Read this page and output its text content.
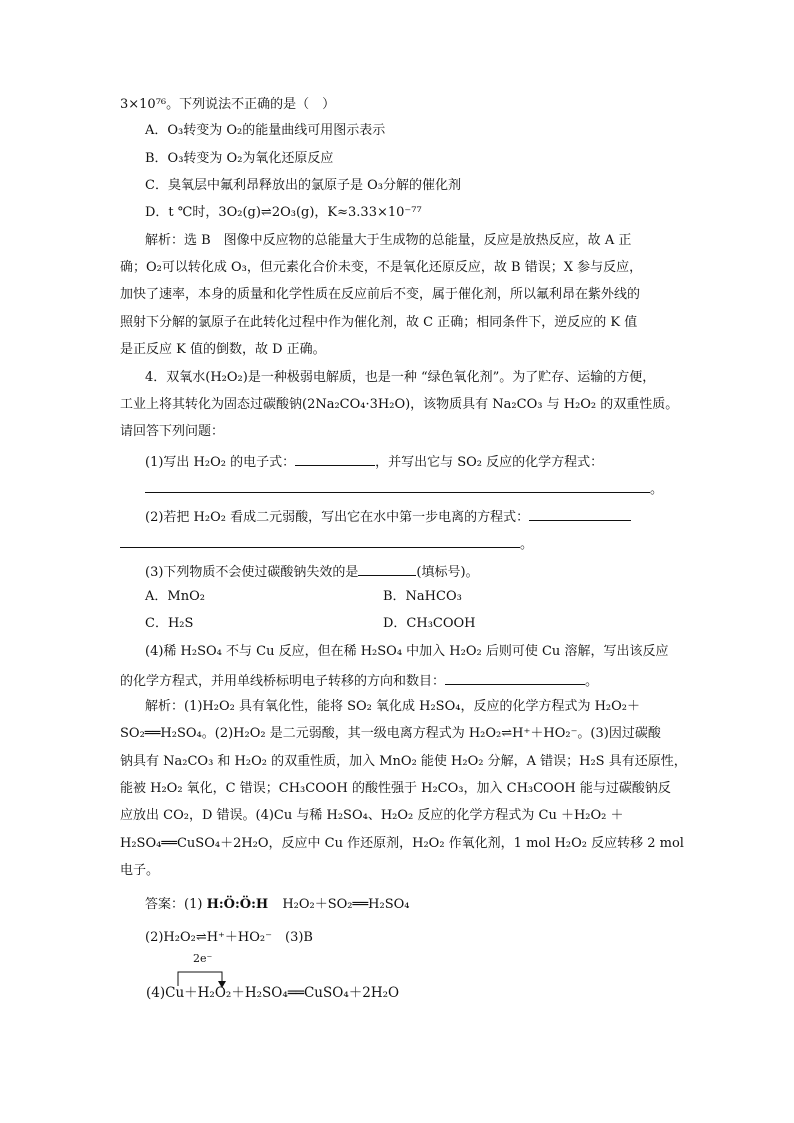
3×10⁷⁶。下列说法不正确的是（　）
A．O₃转变为 O₂的能量曲线可用图示表示
B．O₃转变为 O₂为氧化还原反应
C．臭氧层中氟利昂释放出的氯原子是 O₃分解的催化剂
D．t ℃时，3O₂(g)⇌2O₃(g)，K≈3.33×10⁻⁷⁷
解析：选 B　图像中反应物的总能量大于生成物的总能量，反应是放热反应，故 A 正
确；O₂可以转化成 O₃，但元素化合价未变，不是氧化还原反应，故 B 错误；X 参与反应，
加快了速率，本身的质量和化学性质在反应前后不变，属于催化剂，所以氟利昂在紫外线的
照射下分解的氯原子在此转化过程中作为催化剂，故 C 正确；相同条件下，逆反应的 K 值
是正反应 K 值的倒数，故 D 正确。
4．双氧水(H₂O₂)是一种极弱电解质，也是一种 “绿色氧化剂”。为了贮存、运输的方便，
工业上将其转化为固态过碳酸钠(2Na₂CO₄·3H₂O)，该物质具有 Na₂CO₃ 与 H₂O₂ 的双重性质。
请回答下列问题：
(1)写出 H₂O₂ 的电子式：	，并写出它与 SO₂ 反应的化学方程式：
。
(2)若把 H₂O₂ 看成二元弱酸，写出它在水中第一步电离的方程式：
。
(3)下列物质不会使过碳酸钠失效的是	(填标号)。
A．MnO₂	B．NaHCO₃
C．H₂S	D．CH₃COOH
(4)稀 H₂SO₄ 不与 Cu 反应，但在稀 H₂SO₄ 中加入 H₂O₂ 后则可使 Cu 溶解，写出该反应
的化学方程式，并用单线桥标明电子转移的方向和数目：	。
解析：(1)H₂O₂ 具有氧化性，能将 SO₂ 氧化成 H₂SO₄，反应的化学方程式为 H₂O₂＋
SO₂══H₂SO₄。(2)H₂O₂ 是二元弱酸，其一级电离方程式为 H₂O₂⇌H⁺＋HO₂⁻。(3)因过碳酸
钠具有 Na₂CO₃ 和 H₂O₂ 的双重性质，加入 MnO₂ 能使 H₂O₂ 分解，A 错误；H₂S 具有还原性，
能被 H₂O₂ 氧化，C 错误；CH₃COOH 的酸性强于 H₂CO₃，加入 CH₃COOH 能与过碳酸钠反
应放出 CO₂，D 错误。(4)Cu 与稀 H₂SO₄、H₂O₂ 反应的化学方程式为 Cu ＋H₂O₂ ＋
H₂SO₄══CuSO₄＋2H₂O，反应中 Cu 作还原剂，H₂O₂ 作氧化剂，1 mol H₂O₂ 反应转移 2 mol
电子。
答案：(1) H:Ö:Ö:H H₂O₂＋SO₂══H₂SO₄
(2)H₂O₂⇌H⁺＋HO₂⁻　(3)B
2e⁻
(4)Cu＋H₂O₂＋H₂SO₄══CuSO₄＋2H₂O
